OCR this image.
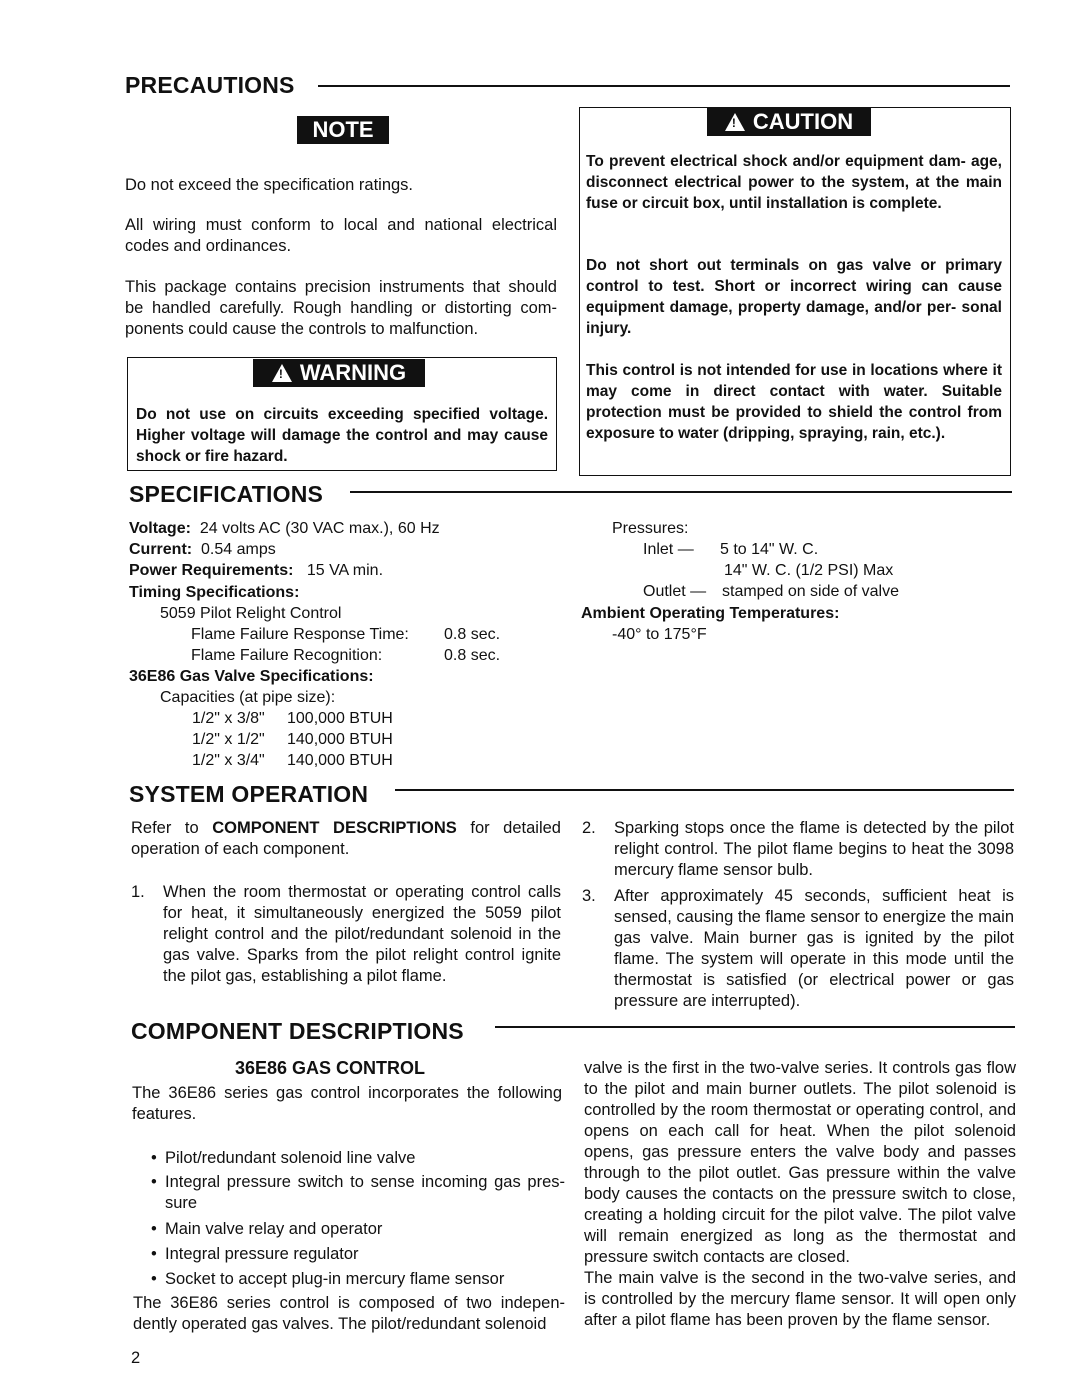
PRECAUTIONS
NOTE
Do not exceed the specification ratings.
All wiring must conform to local and national electrical codes and ordinances.
This package contains precision instruments that should be handled carefully. Rough handling or distorting com- ponents could cause the controls to malfunction.
! WARNING
Do not use on circuits exceeding specified voltage. Higher voltage will damage the control and may cause shock or fire hazard.
! CAUTION
To prevent electrical shock and/or equipment dam- age, disconnect electrical power to the system, at the main fuse or circuit box, until installation is complete.
Do not short out terminals on gas valve or primary control to test. Short or incorrect wiring can cause equipment damage, property damage, and/or per- sonal injury.
This control is not intended for use in locations where it may come in direct contact with water. Suitable protection must be provided to shield the control from exposure to water (dripping, spraying, rain, etc.).
SPECIFICATIONS
Voltage: 24 volts AC (30 VAC max.), 60 Hz
Current: 0.54 amps
Power Requirements: 15 VA min.
Timing Specifications:
5059 Pilot Relight Control
Flame Failure Response Time: 0.8 sec.
Flame Failure Recognition:	0.8 sec.
36E86 Gas Valve Specifications:
Capacities (at pipe size):
1/2" x 3/8" 100,000 BTUH
1/2" x 1/2" 140,000 BTUH
1/2" x 3/4" 140,000 BTUH
Pressures:
Inlet — 5 to 14" W. C.
14" W. C. (1/2 PSI) Max
Outlet — stamped on side of valve
Ambient Operating Temperatures:
-40° to 175°F
SYSTEM OPERATION
Refer to COMPONENT DESCRIPTIONS for detailed operation of each component.
1. When the room thermostat or operating control calls for heat, it simultaneously energized the 5059 pilot relight control and the pilot/redundant solenoid in the gas valve. Sparks from the pilot relight control ignite the pilot gas, establishing a pilot flame.
2. Sparking stops once the flame is detected by the pilot relight control. The pilot flame begins to heat the 3098 mercury flame sensor bulb.
3. After approximately 45 seconds, sufficient heat is sensed, causing the flame sensor to energize the main gas valve. Main burner gas is ignited by the pilot flame. The system will operate in this mode until the thermostat is satisfied (or electrical power or gas pressure are interrupted).
COMPONENT DESCRIPTIONS
36E86 GAS CONTROL
The 36E86 series gas control incorporates the following features.
• Pilot/redundant solenoid line valve
• Integral pressure switch to sense incoming gas pres- sure
• Main valve relay and operator
• Integral pressure regulator
• Socket to accept plug-in mercury flame sensor
The 36E86 series control is composed of two indepen- dently operated gas valves. The pilot/redundant solenoid
valve is the first in the two-valve series. It controls gas flow to the pilot and main burner outlets. The pilot solenoid is controlled by the room thermostat or operating control, and opens on each call for heat. When the pilot solenoid opens, gas pressure enters the valve body and passes through to the pilot outlet. Gas pressure within the valve body causes the contacts on the pressure switch to close, creating a holding circuit for the pilot valve. The pilot valve will remain energized as long as the thermostat and pressure switch contacts are closed.
The main valve is the second in the two-valve series, and is controlled by the mercury flame sensor. It will open only after a pilot flame has been proven by the flame sensor.
2
